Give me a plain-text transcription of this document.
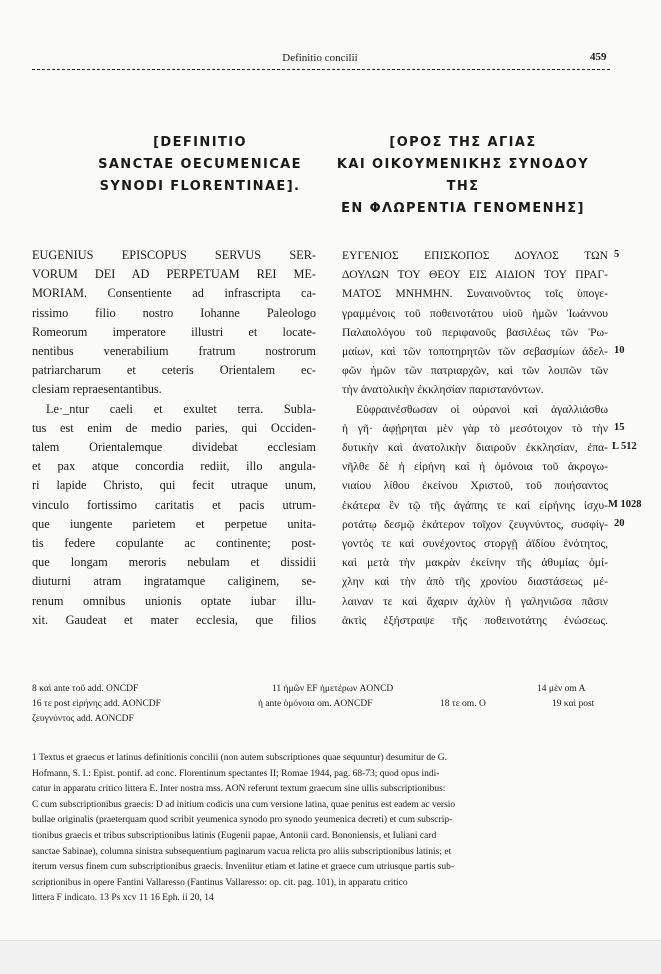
Definitio concilii	459
[DEFINITIO
SANCTAE OECUMENICAE
SYNODI FLORENTINAE].
[ΟΡΟΣ ΤΗΣ ΑΓΙΑΣ
ΚΑΙ ΟΙΚΟΥΜΕΝΙΚΗΣ ΣΥΝΟΔΟΥ
ΤΗΣ
ΕΝ ΦΛΩΡΕΝΤΙΑ ΓΕΝΟΜΕΝΗΣ]
EUGENIUS EPISCOPUS SERVUS SER-
VORUM DEI AD PERPETUAM REI ME-
MORIAM. Consentiente ad infrascripta ca-
rissimo filio nostro Iohanne Paleologo
Romeorum imperatore illustri et locate-
nentibus venerabilium fratrum nostrorum
patriarcharum et ceteris Orientalem ec-
clesiam repraesentantibus.
Le·_ntur caeli et exultet terra. Subla-
tus est enim de medio paries, qui Occiden-
talem Orientalemque dividebat ecclesiam
et pax atque concordia rediit, illo angula-
ri lapide Christo, qui fecit utraque unum,
vinculo fortissimo caritatis et pacis utrum-
que iungente parietem et perpetue unita-
tis federe copulante ac continente; post-
que longam meroris nebulam et dissidii
diuturni atram ingratamque caliginem, se-
renum omnibus unionis optate iubar illu-
xit. Gaudeat et mater ecclesia, que filios
ΕΥΓΕΝΙΟΣ ΕΠΙΣΚΟΠΟΣ ΔΟΥΛΟΣ ΤΩΝ
ΔΟΥΛΩΝ ΤΟΥ ΘΕΟΥ ΕΙΣ ΑΙΔΙΟΝ ΤΟΥ ΠΡΑΓ-
ΜΑΤΟΣ ΜΝΗΜΗΝ. Συναινοῦντος τοῖς ὑπογε-
γραμμένοις τοῦ ποθεινοτάτου υἱοῦ ἡμῶν Ἰωάννου
Παλαιολόγου τοῦ περιφανοῦς βασιλέως τῶν Ῥω-
μαίων, καὶ τῶν τοποτηρητῶν τῶν σεβασμίων ἀδελ-
φῶν ἡμῶν τῶν πατριαρχῶν, καὶ τῶν λοιπῶν τῶν
τὴν ἀνατολικὴν ἐκκλησίαν παριστανόντων.
Εὐφραινέσθωσαν οἱ οὐρανοὶ καὶ ἀγαλλιάσθω
ἡ γῆ· ἀφῄρηται μὲν γὰρ τὸ μεσότοιχον τὸ τὴν
δυτικὴν καὶ ἀνατολικὴν διαιροῦν ἐκκλησίαν, ἐπα-
νῆλθε δὲ ἡ εἰρήνη καὶ ἡ ὁμόνοια τοῦ ἀκρογω-
νιαίου λίθου ἐκείνου Χριστοῦ, τοῦ ποιήσαντος
ἑκάτερα ἓν τῷ τῆς ἀγάπης τε καὶ εἰρήνης ἰσχυ-
ροτάτῳ δεσμῷ ἑκάτερον τοῖχον ζευγνύντος, συσφίγ-
γοντός τε καὶ συνέχοντος στοργῇ ἀϊδίου ἑνότητος,
καὶ μετὰ τὴν μακρὰν ἐκείνην τῆς ἀθυμίας ὀμί-
χλην καὶ τὴν ἀπὸ τῆς χρονίου διαστάσεως μέ-
λαιναν τε καὶ ἄχαριν ἀχλὺν ἡ γαληνιῶσα πᾶσιν
ἀκτὶς ἐξήστραψε τῆς ποθεινοτάτης ἑνώσεως.
5
10
15
20
L 512
M 1028
8 καὶ ante τοῦ add. ONCDF	11 ἡμῶν EF ἡμετέρων AONCD	14 μὲν om A
16 τε post εἰρήνης add. AONCDF	ἡ ante ὁμόνοια om. AONCDF	18 τε om. O	19 καὶ post
ζευγνύντος add. AONCDF
1 Textus et graecus et latinus definitionis concilii (non autem subscriptiones quae sequuntur) desumitur de G.
Hofmann, S. I.: Epist. pontif. ad conc. Florentinum spectantes II; Romae 1944, pag. 68-73; quod opus indi-
catur in apparatu critico littera E. Inter nostra mss. AON referunt textum graecum sine ullis subscriptionibus:
C cum subscriptionibus graecis: D ad initium codicis una cum versione latina, quae penitus est eadem ac versio
bullae originalis (praeterquam quod scribit yeumenica synodo pro synodo yeumenica decreti) et cum subscrip-
tionibus graecis et tribus subscriptionibus latinis (Eugenii papae, Antonii card. Bononiensis, et Iuliani card
sanctae Sabinae), columna sinistra subsequentium paginarum vacua relicta pro aliis subscriptionibus latinis; et
iterum versus finem cum subscriptionibus graecis. Inveniitur etiam et latine et graece cum utriusque partis sub-
scriptionibus in opere Fantini Vallaresso (Fantinus Vallaresso: op. cit. pag. 101), in apparatu critico
littera F indicato. 13 Ps xcv 11 16 Eph. ii 20, 14
